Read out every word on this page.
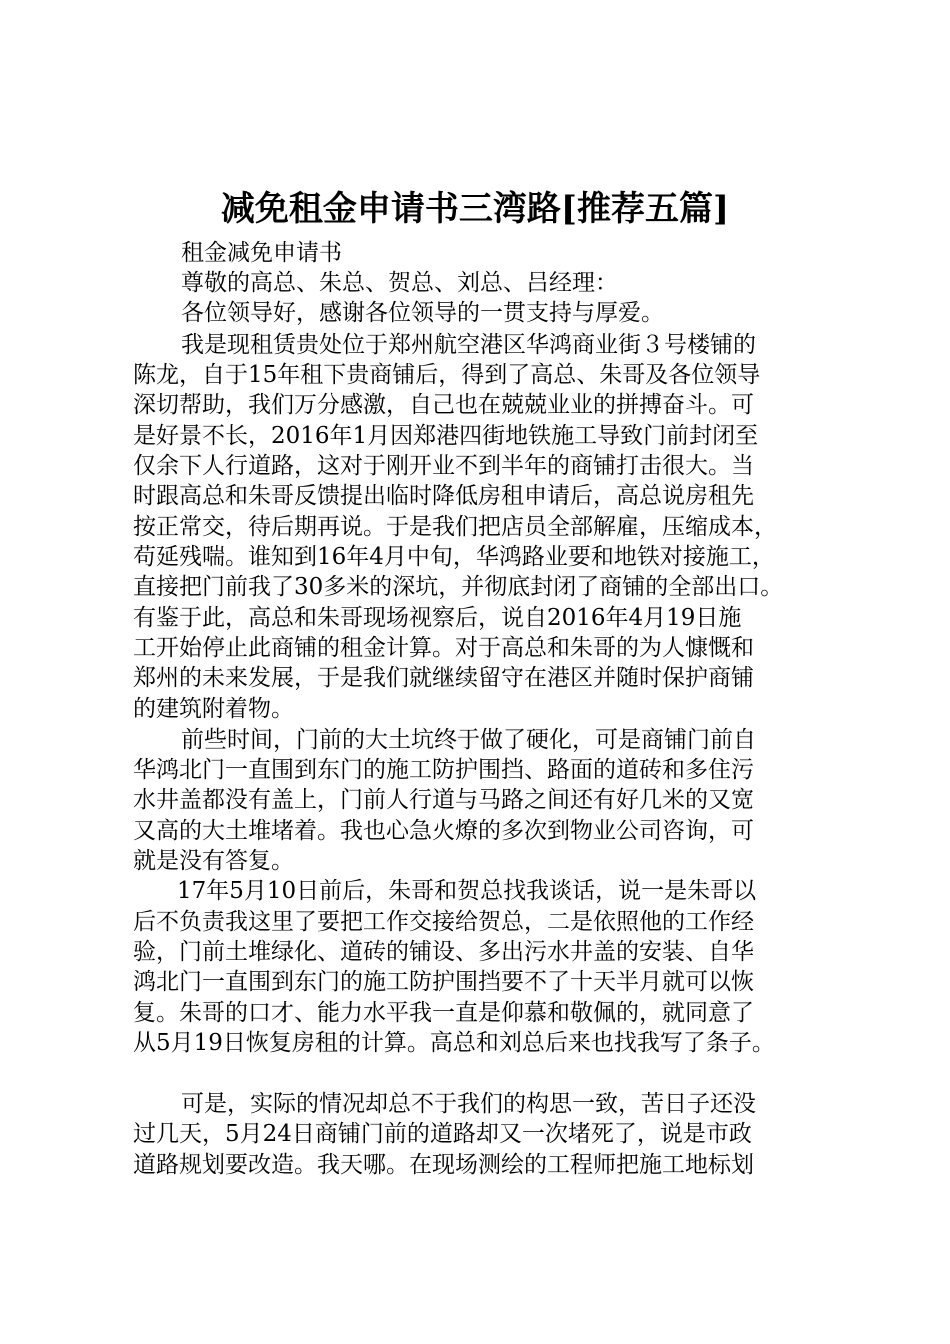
减免租金申请书三湾路[推荐五篇]
租金减免申请书
尊敬的高总、朱总、贺总、刘总、吕经理：
各位领导好，感谢各位领导的一贯支持与厚爱。
我是现租赁贵处位于郑州航空港区华鸿商业街３号楼铺的
陈龙，自于15年租下贵商铺后，得到了高总、朱哥及各位领导
深切帮助，我们万分感激，自己也在兢兢业业的拼搏奋斗。可
是好景不长，2016年1月因郑港四街地铁施工导致门前封闭至
仅余下人行道路，这对于刚开业不到半年的商铺打击很大。当
时跟高总和朱哥反馈提出临时降低房租申请后，高总说房租先
按正常交，待后期再说。于是我们把店员全部解雇，压缩成本，
苟延残喘。谁知到16年4月中旬，华鸿路业要和地铁对接施工，
直接把门前我了30多米的深坑，并彻底封闭了商铺的全部出口。
有鉴于此，高总和朱哥现场视察后，说自2016年4月19日施
工开始停止此商铺的租金计算。对于高总和朱哥的为人慷慨和
郑州的未来发展，于是我们就继续留守在港区并随时保护商铺
的建筑附着物。
前些时间，门前的大土坑终于做了硬化，可是商铺门前自
华鸿北门一直围到东门的施工防护围挡、路面的道砖和多住污
水井盖都没有盖上，门前人行道与马路之间还有好几米的又宽
又高的大土堆堵着。我也心急火燎的多次到物业公司咨询，可
就是没有答复。
17年5月10日前后，朱哥和贺总找我谈话，说一是朱哥以
后不负责我这里了要把工作交接给贺总，二是依照他的工作经
验，门前土堆绿化、道砖的铺设、多出污水井盖的安装、自华
鸿北门一直围到东门的施工防护围挡要不了十天半月就可以恢
复。朱哥的口才、能力水平我一直是仰慕和敬佩的，就同意了
从5月19日恢复房租的计算。高总和刘总后来也找我写了条子。
可是，实际的情况却总不于我们的构思一致，苦日子还没
过几天，5月24日商铺门前的道路却又一次堵死了，说是市政
道路规划要改造。我天哪。在现场测绘的工程师把施工地标划
